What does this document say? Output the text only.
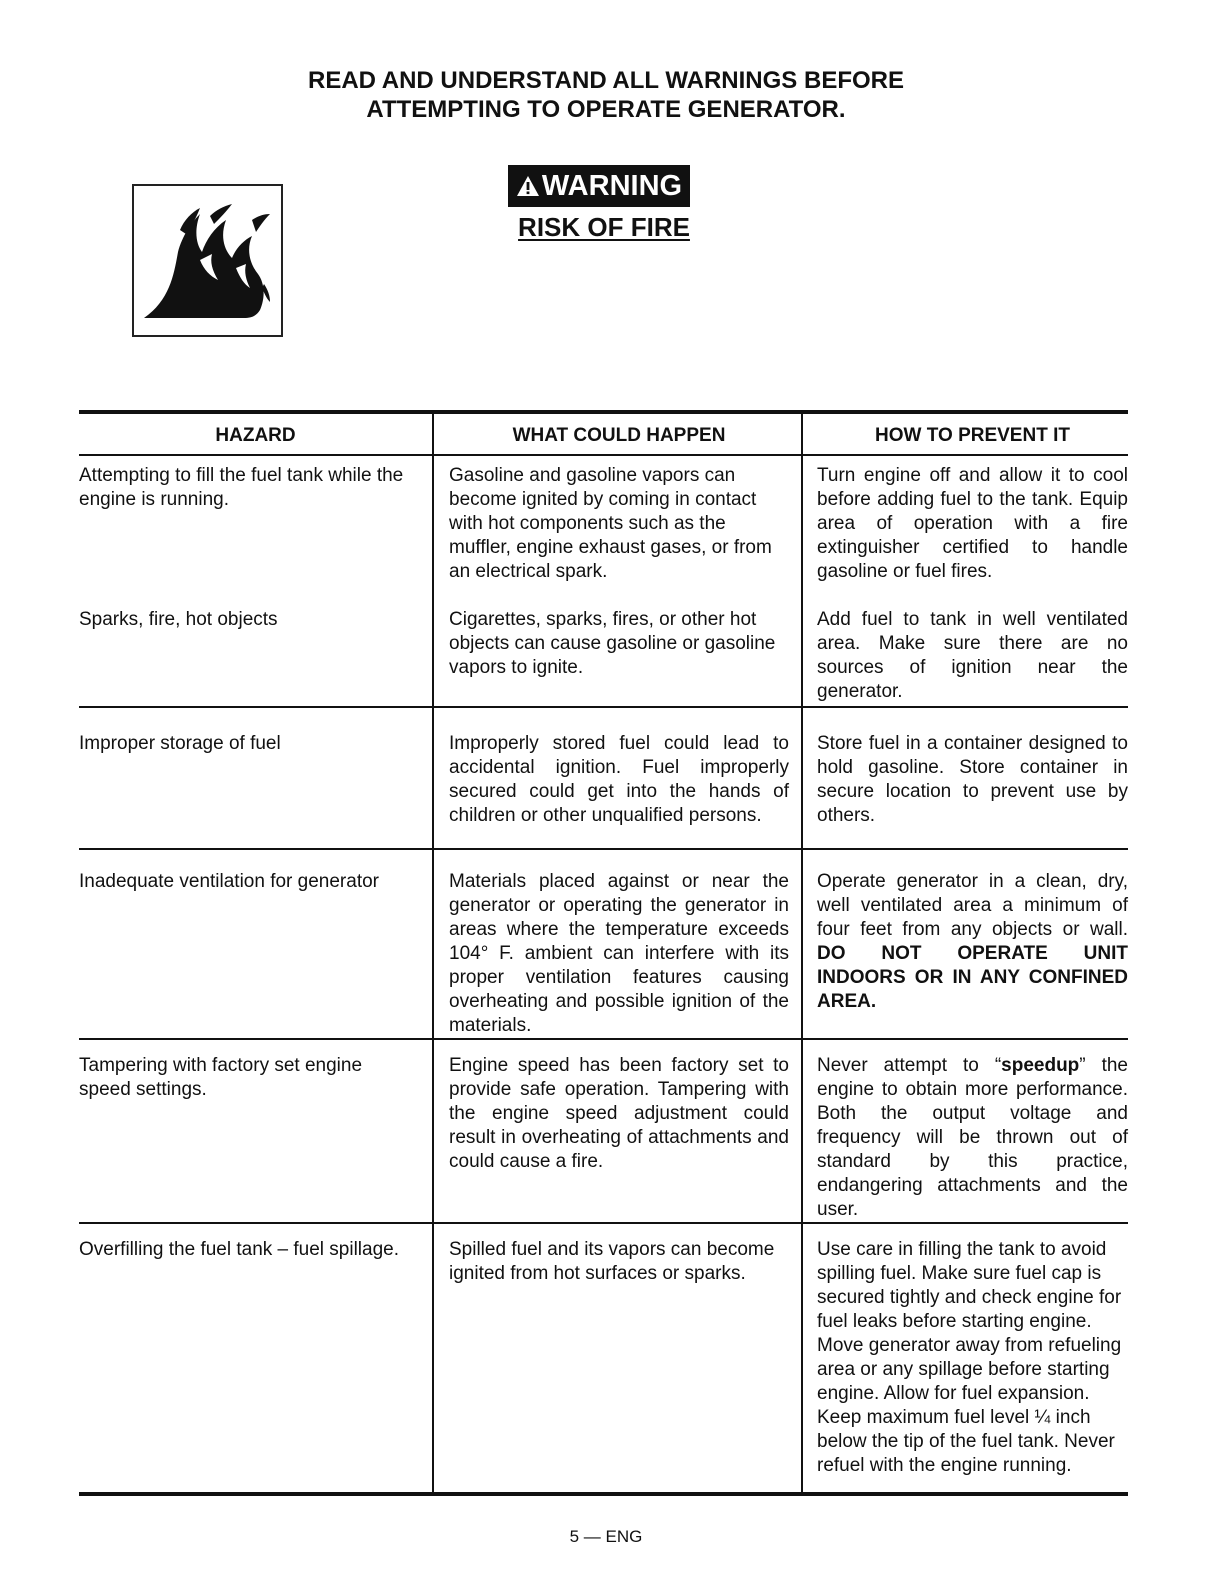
READ AND UNDERSTAND ALL WARNINGS BEFORE
ATTEMPTING TO OPERATE GENERATOR.
WARNING
RISK OF FIRE
HAZARD	WHAT COULD HAPPEN	HOW TO PREVENT IT

Attempting to fill the fuel tank while the engine is running.	Gasoline and gasoline vapors can become ignited by coming in contact with hot components such as the muffler, engine exhaust gases, or from an electrical spark.	Turn engine off and allow it to cool before adding fuel to the tank. Equip area of operation with a fire extinguisher certified to handle gasoline or fuel fires.

Sparks, fire, hot objects	Cigarettes, sparks, fires, or other hot objects can cause gasoline or gasoline vapors to ignite.	Add fuel to tank in well ventilated area. Make sure there are no sources of ignition near the generator.

Improper storage of fuel	Improperly stored fuel could lead to accidental ignition. Fuel improperly secured could get into the hands of children or other unqualified persons.	Store fuel in a container designed to hold gasoline. Store container in secure location to prevent use by others.

Inadequate ventilation for generator	Materials placed against or near the generator or operating the generator in areas where the temperature exceeds 104° F. ambient can interfere with its proper ventilation features causing overheating and possible ignition of the materials.	Operate generator in a clean, dry, well ventilated area a minimum of four feet from any objects or wall. DO NOT OPERATE UNIT INDOORS OR IN ANY CONFINED AREA.

Tampering with factory set engine speed settings.	Engine speed has been factory set to provide safe operation. Tampering with the engine speed adjustment could result in overheating of attachments and could cause a fire.	Never attempt to “speedup” the engine to obtain more performance. Both the output voltage and frequency will be thrown out of standard by this practice, endangering attachments and the user.

Overfilling the fuel tank – fuel spillage.	Spilled fuel and its vapors can become ignited from hot surfaces or sparks.	Use care in filling the tank to avoid spilling fuel. Make sure fuel cap is secured tightly and check engine for fuel leaks before starting engine. Move generator away from refueling area or any spillage before starting engine. Allow for fuel expansion. Keep maximum fuel level ¼ inch below the tip of the fuel tank. Never refuel with the engine running.
5 — ENG
